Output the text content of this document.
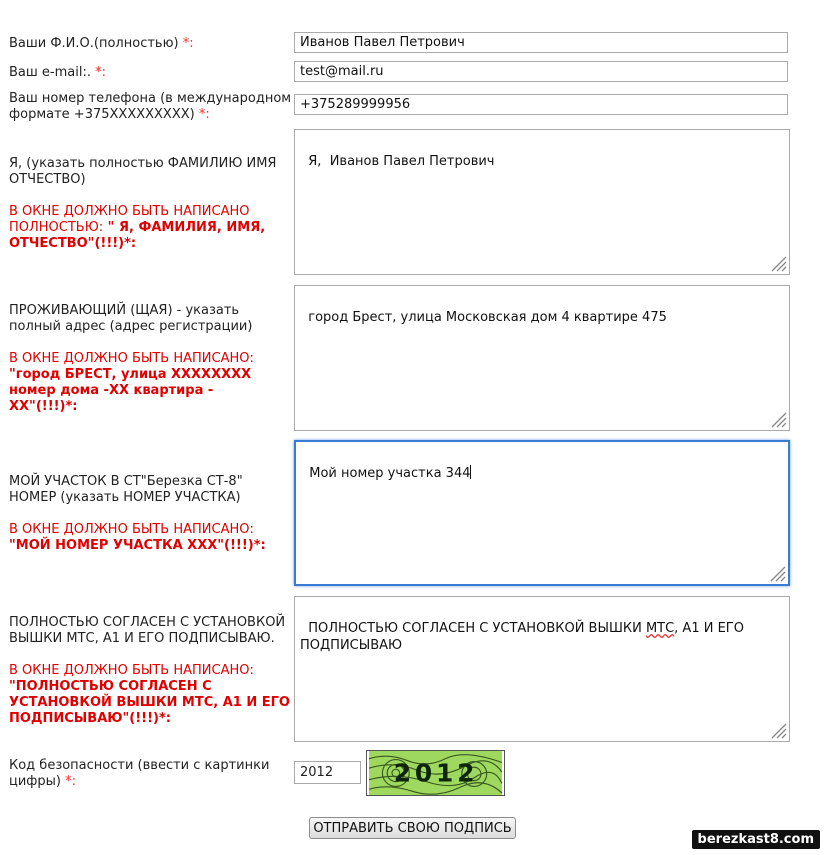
Ваши Ф.И.О.(полностью) *:	Иванов Павел Петрович
Ваш e-mail:. *:	test@mail.ru
Ваш номер телефона (в международном
формате +375XXXXXXXXX) *:
+375289999956
Я, (указать полностью ФАМИЛИЮ ИМЯ
ОТЧЕСТВО)
В ОКНЕ ДОЛЖНО БЫТЬ НАПИСАНО
ПОЛНОСТЬЮ: " Я, ФАМИЛИЯ, ИМЯ,
ОТЧЕСТВО"(!!!)*:

Я,  Иванов Павел Петрович

ПРОЖИВАЮЩИЙ (ЩАЯ) - указать
полный адрес (адрес регистрации)
В ОКНЕ ДОЛЖНО БЫТЬ НАПИСАНО:
"город БРЕСТ, улица XXXXXXXX
номер дома -XX квартира -
XX"(!!!)*:

город Брест, улица Московская дом 4 квартире 475

МОЙ УЧАСТОК В СТ"Березка СТ-8"
НОМЕР (указать НОМЕР УЧАСТКА)
В ОКНЕ ДОЛЖНО БЫТЬ НАПИСАНО:
"МОЙ НОМЕР УЧАСТКА XXX"(!!!)*:

Мой номер участка 344

ПОЛНОСТЬЮ СОГЛАСЕН С УСТАНОВКОЙ
ВЫШКИ МТС, А1 И ЕГО ПОДПИСЫВАЮ.
В ОКНЕ ДОЛЖНО БЫТЬ НАПИСАНО:
"ПОЛНОСТЬЮ СОГЛАСЕН С
УСТАНОВКОЙ ВЫШКИ МТС, А1 И ЕГО
ПОДПИСЫВАЮ"(!!!)*:

ПОЛНОСТЬЮ СОГЛАСЕН С УСТАНОВКОЙ ВЫШКИ МТС, А1 И ЕГО
ПОДПИСЫВАЮ

Код безопасности (ввести с картинки
цифры) *:
2012	2012
ОТПРАВИТЬ СВОЮ ПОДПИСЬ
berezkast8.com
